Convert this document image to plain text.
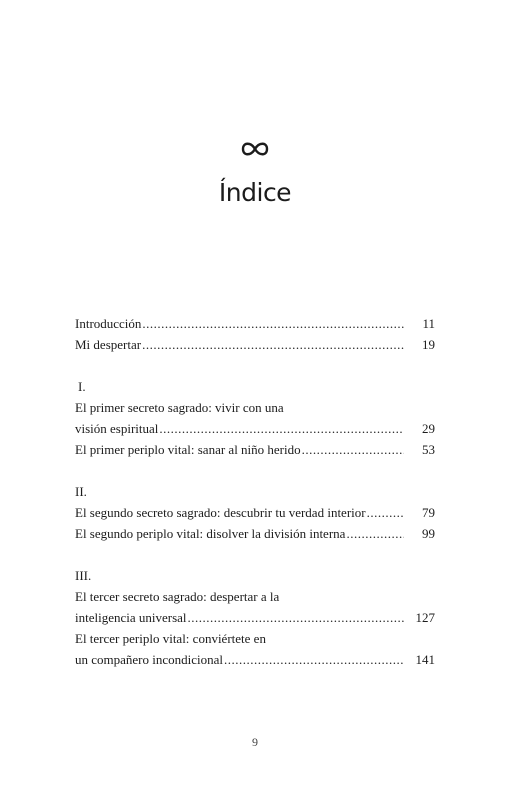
Índice
Introducción .....	11
Mi despertar .....	19
I.
El primer secreto sagrado: vivir con una
visión espiritual .....	29
El primer periplo vital: sanar al niño herido .....	53
II.
El segundo secreto sagrado: descubrir tu verdad interior .....	79
El segundo periplo vital: disolver la división interna .....	99
III.
El tercer secreto sagrado: despertar a la
inteligencia universal .....	127
El tercer periplo vital: conviértete en
un compañero incondicional .....	141
9
